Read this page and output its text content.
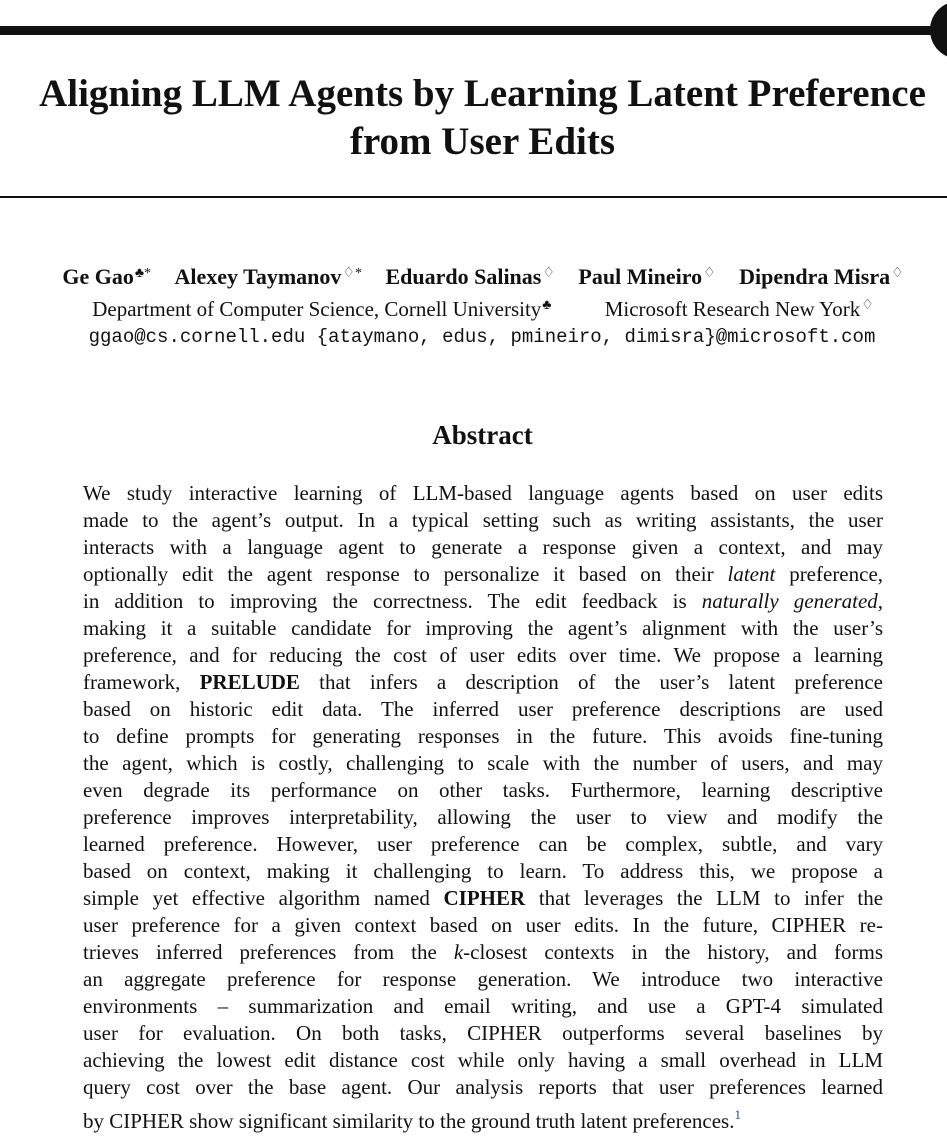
Aligning LLM Agents by Learning Latent Preference
from User Edits
Ge Gao♣* Alexey Taymanov♢* Eduardo Salinas♢ Paul Mineiro♢ Dipendra Misra♢
Department of Computer Science, Cornell University♣	Microsoft Research New York♢
ggao@cs.cornell.edu {ataymano, edus, pmineiro, dimisra}@microsoft.com
Abstract
We study interactive learning of LLM-based language agents based on user edits
made to the agent’s output. In a typical setting such as writing assistants, the user
interacts with a language agent to generate a response given a context, and may
optionally edit the agent response to personalize it based on their latent preference,
in addition to improving the correctness. The edit feedback is naturally generated,
making it a suitable candidate for improving the agent’s alignment with the user’s
preference, and for reducing the cost of user edits over time. We propose a learning
framework, PRELUDE that infers a description of the user’s latent preference
based on historic edit data. The inferred user preference descriptions are used
to define prompts for generating responses in the future. This avoids fine-tuning
the agent, which is costly, challenging to scale with the number of users, and may
even degrade its performance on other tasks. Furthermore, learning descriptive
preference improves interpretability, allowing the user to view and modify the
learned preference. However, user preference can be complex, subtle, and vary
based on context, making it challenging to learn. To address this, we propose a
simple yet effective algorithm named CIPHER that leverages the LLM to infer the
user preference for a given context based on user edits. In the future, CIPHER re-
trieves inferred preferences from the k-closest contexts in the history, and forms
an aggregate preference for response generation. We introduce two interactive
environments – summarization and email writing, and use a GPT-4 simulated
user for evaluation. On both tasks, CIPHER outperforms several baselines by
achieving the lowest edit distance cost while only having a small overhead in LLM
query cost over the base agent. Our analysis reports that user preferences learned
by CIPHER show significant similarity to the ground truth latent preferences.$^1$
